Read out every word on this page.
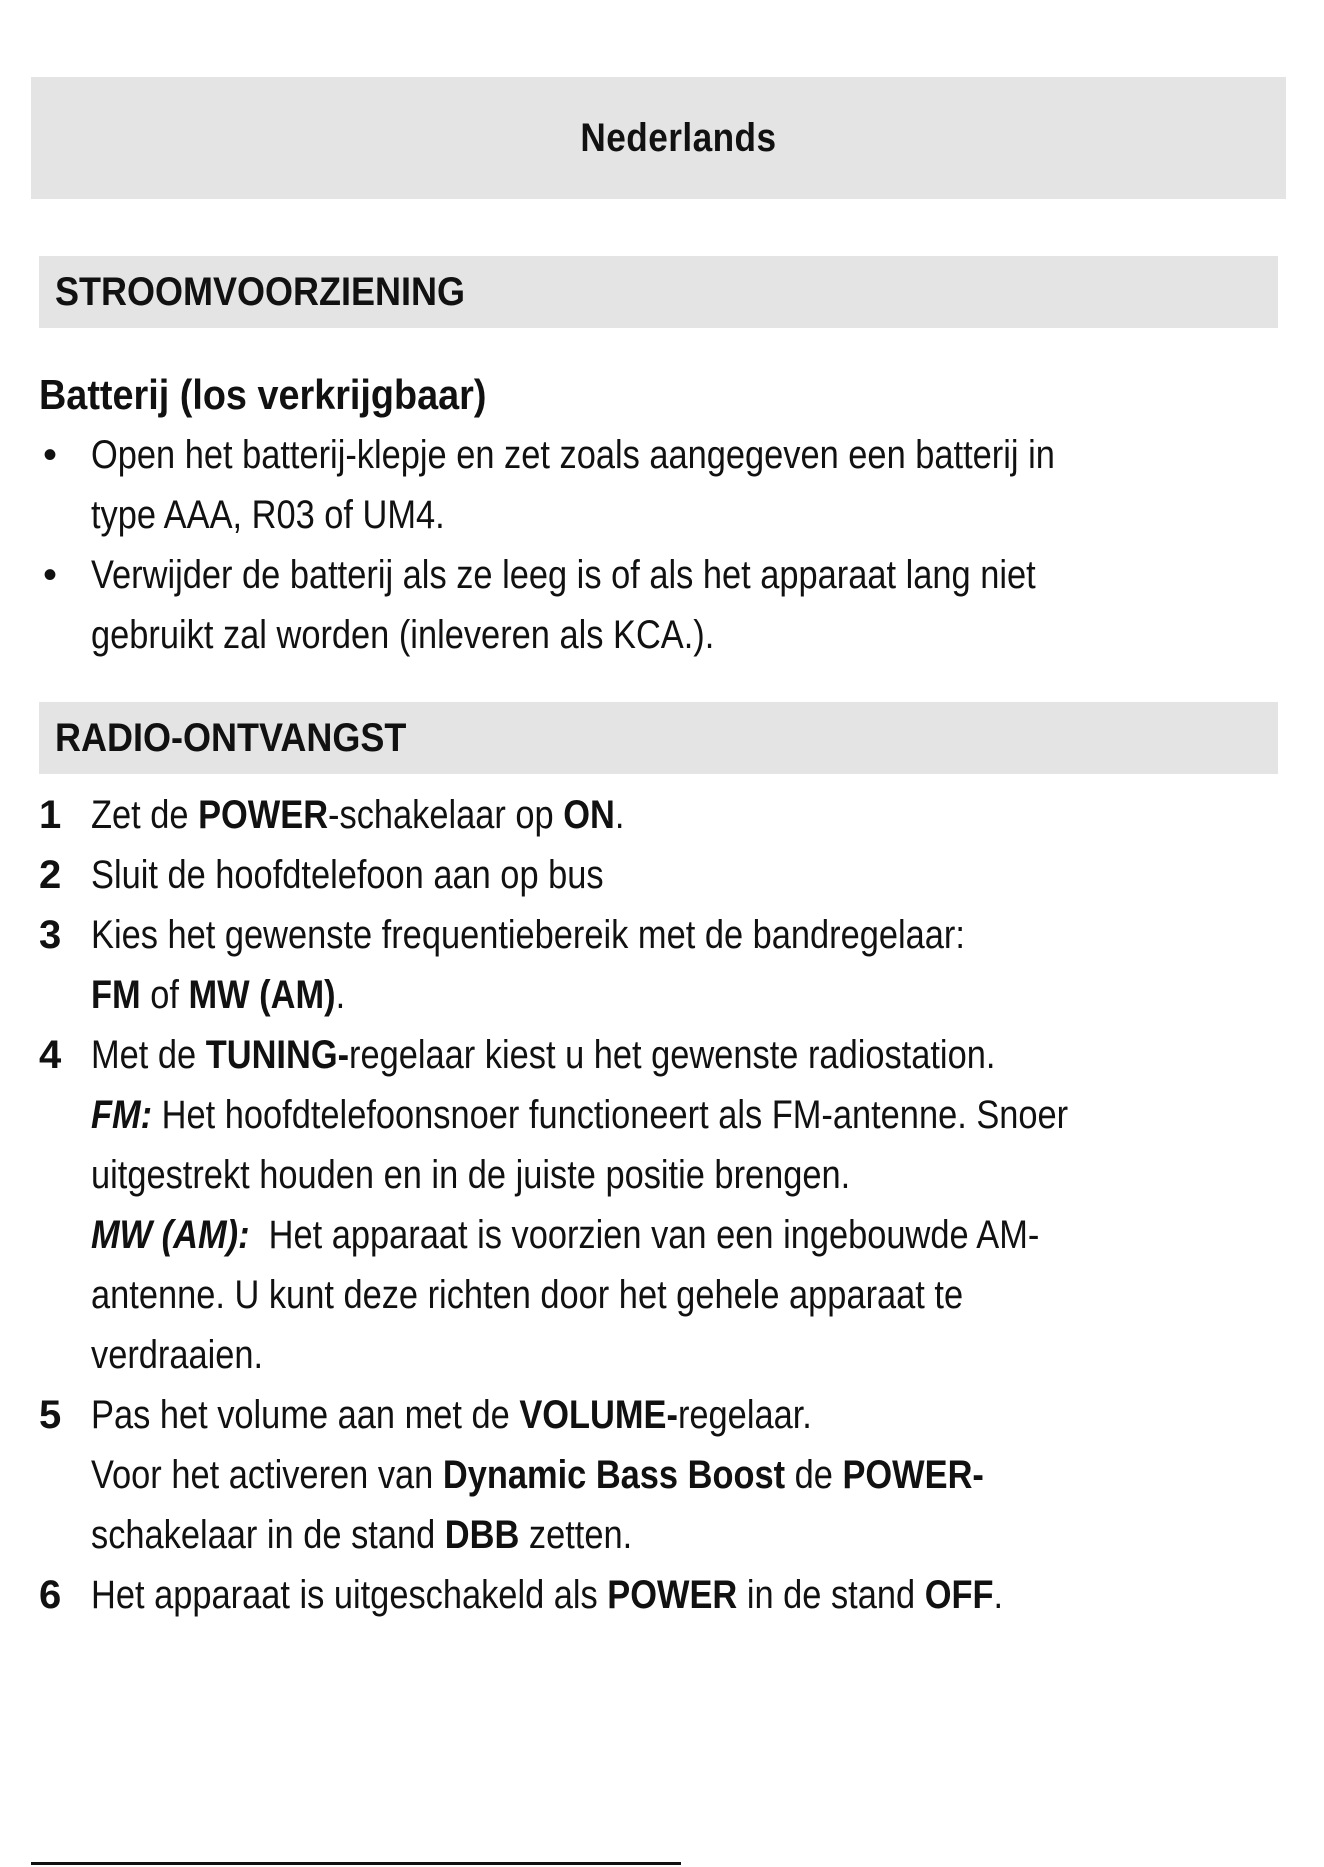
Nederlands
STROOMVOORZIENING
Batterij (los verkrijgbaar)
• Open het batterij-klepje en zet zoals aangegeven een batterij in
type AAA, R03 of UM4.
• Verwijder de batterij als ze leeg is of als het apparaat lang niet
gebruikt zal worden (inleveren als KCA.).
RADIO-ONTVANGST
1 Zet de POWER-schakelaar op ON.
2 Sluit de hoofdtelefoon aan op bus
3 Kies het gewenste frequentiebereik met de bandregelaar:
FM of MW (AM).
4 Met de TUNING-regelaar kiest u het gewenste radiostation.
FM: Het hoofdtelefoonsnoer functioneert als FM-antenne. Snoer
uitgestrekt houden en in de juiste positie brengen.
MW (AM):  Het apparaat is voorzien van een ingebouwde AM-
antenne. U kunt deze richten door het gehele apparaat te
verdraaien.
5 Pas het volume aan met de VOLUME-regelaar.
Voor het activeren van Dynamic Bass Boost de POWER-
schakelaar in de stand DBB zetten.
6 Het apparaat is uitgeschakeld als POWER in de stand OFF.
